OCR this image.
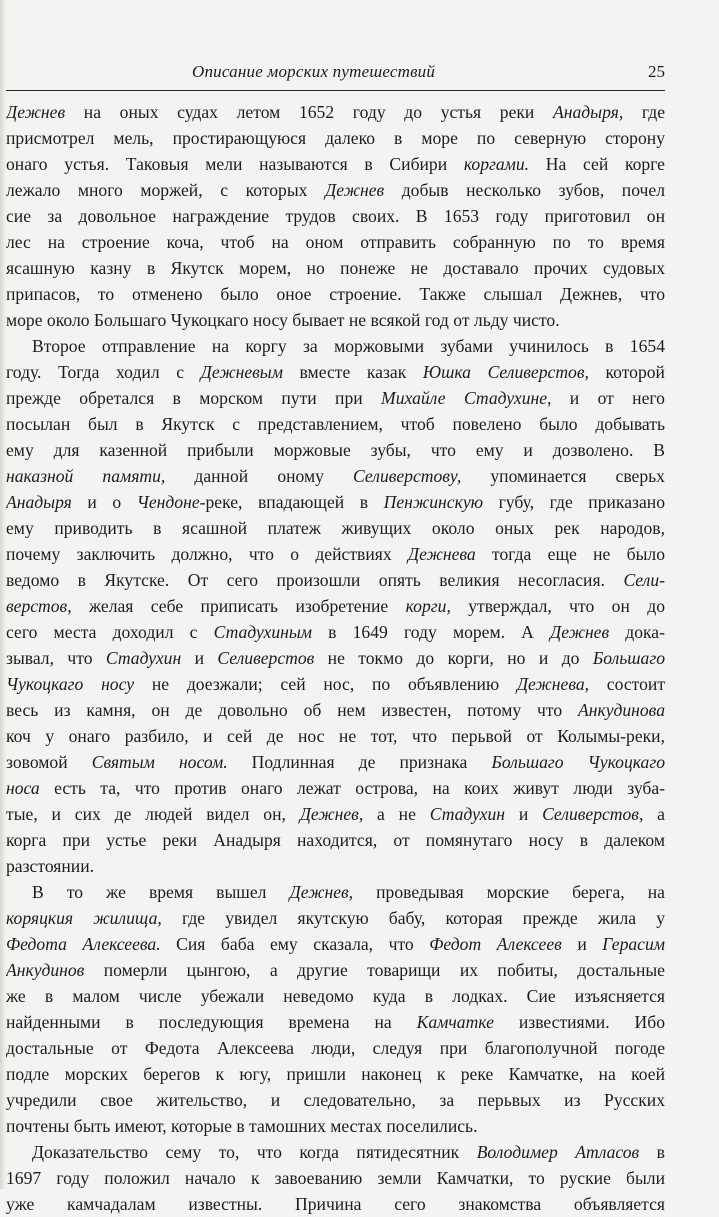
Описание морских путешествий	25
Дежнев на оных судах летом 1652 году до устья реки Анадыря, где
присмотрел мель, простирающуюся далеко в море по северную сторону
онаго устья. Таковыя мели называются в Сибири коргами. На сей корге
лежало много моржей, с которых Дежнев добыв несколько зубов, почел
сие за довольное награждение трудов своих. В 1653 году приготовил он
лес на строение коча, чтоб на оном отправить собранную по то время
ясашную казну в Якутск морем, но понеже не доставало прочих судовых
припасов, то отменено было оное строение. Также слышал Дежнев, что
море около Большаго Чукоцкаго носу бывает не всякой год от льду чисто.
Второе отправление на коргу за моржовыми зубами учинилось в 1654
году. Тогда ходил с Дежневым вместе казак Юшка Селиверстов, которой
прежде обретался в морском пути при Михайле Стадухине, и от него
посылан был в Якутск с представлением, чтоб повелено было добывать
ему для казенной прибыли моржовые зубы, что ему и дозволено. В
наказной памяти, данной оному Селиверстову, упоминается сверьх
Анадыря и о Чендоне-реке, впадающей в Пенжинскую губу, где приказано
ему приводить в ясашной платеж живущих около оных рек народов,
почему заключить должно, что о действиях Дежнева тогда еще не было
ведомо в Якутске. От сего произошли опять великия несогласия. Сели-
верстов, желая себе приписать изобретение корги, утверждал, что он до
сего места доходил с Стадухиным в 1649 году морем. А Дежнев дока-
зывал, что Стадухин и Селиверстов не токмо до корги, но и до Большаго
Чукоцкаго носу не доезжали; сей нос, по объявлению Дежнева, состоит
весь из камня, он де довольно об нем известен, потому что Анкудинова
коч у онаго разбило, и сей де нос не тот, что перьвой от Колымы-реки,
зовомой Святым носом. Подлинная де признака Большаго Чукоцкаго
носа есть та, что против онаго лежат острова, на коих живут люди зуба-
тые, и сих де людей видел он, Дежнев, а не Стадухин и Селиверстов, а
корга при устье реки Анадыря находится, от помянутаго носу в далеком
разстоянии.
В то же время вышел Дежнев, проведывая морские берега, на
коряцкия жилища, где увидел якутскую бабу, которая прежде жила у
Федота Алексеева. Сия баба ему сказала, что Федот Алексеев и Герасим
Анкудинов померли цынгою, а другие товарищи их побиты, достальные
же в малом числе убежали неведомо куда в лодках. Сие изъясняется
найденными в последующия времена на Камчатке известиями. Ибо
достальные от Федота Алексеева люди, следуя при благополучной погоде
подле морских берегов к югу, пришли наконец к реке Камчатке, на коей
учредили свое жительство, и следовательно, за перьвых из Русских
почтены быть имеют, которые в тамошних местах поселились.
Доказательство сему то, что когда пятидесятник Володимер Атласов в
1697 году положил начало к завоеванию земли Камчатки, то руские были
уже камчадалам известны. Причина сего знакомства объявляется
